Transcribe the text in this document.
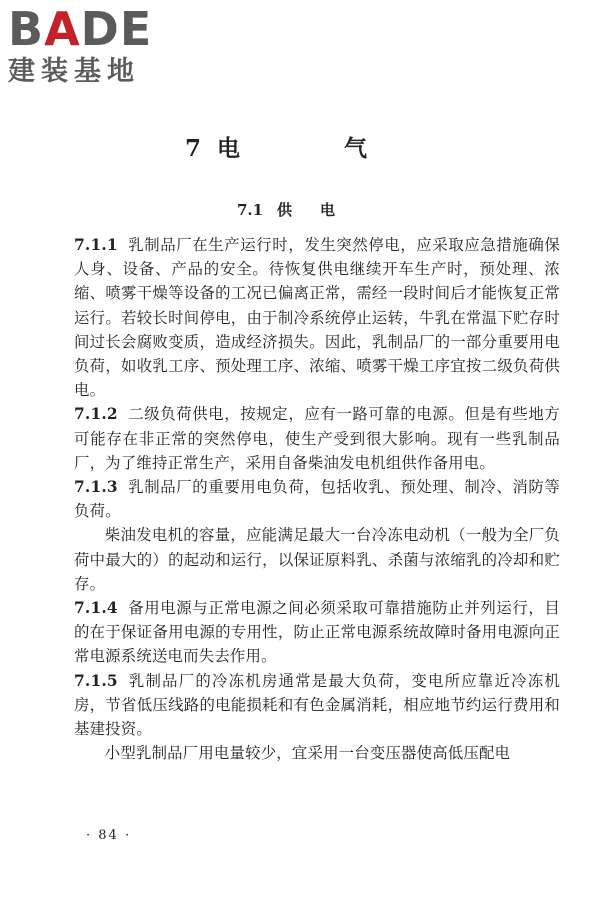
BADE
建装基地
7 电 气
7.1 供电

7.1.1 乳制品厂在生产运行时，发生突然停电，应采取应急措施确保人身、设备、产品的安全。待恢复供电继续开车生产时，预处理、浓缩、喷雾干燥等设备的工况已偏离正常，需经一段时间后才能恢复正常运行。若较长时间停电，由于制冷系统停止运转，牛乳在常温下贮存时间过长会腐败变质，造成经济损失。因此，乳制品厂的一部分重要用电负荷，如收乳工序、预处理工序、浓缩、喷雾干燥工序宜按二级负荷供电。

7.1.2 二级负荷供电，按规定，应有一路可靠的电源。但是有些地方可能存在非正常的突然停电，使生产受到很大影响。现有一些乳制品厂，为了维持正常生产，采用自备柴油发电机组供作备用电。

7.1.3 乳制品厂的重要用电负荷，包括收乳、预处理、制冷、消防等负荷。

柴油发电机的容量，应能满足最大一台冷冻电动机（一般为全厂负荷中最大的）的起动和运行，以保证原料乳、杀菌与浓缩乳的冷却和贮存。

7.1.4 备用电源与正常电源之间必须采取可靠措施防止并列运行，目的在于保证备用电源的专用性，防止正常电源系统故障时备用电源向正常电源系统送电而失去作用。

7.1.5 乳制品厂的冷冻机房通常是最大负荷，变电所应靠近冷冻机房，节省低压线路的电能损耗和有色金属消耗，相应地节约运行费用和基建投资。

小型乳制品厂用电量较少，宜采用一台变压器使高低压配电

· 84 ·
